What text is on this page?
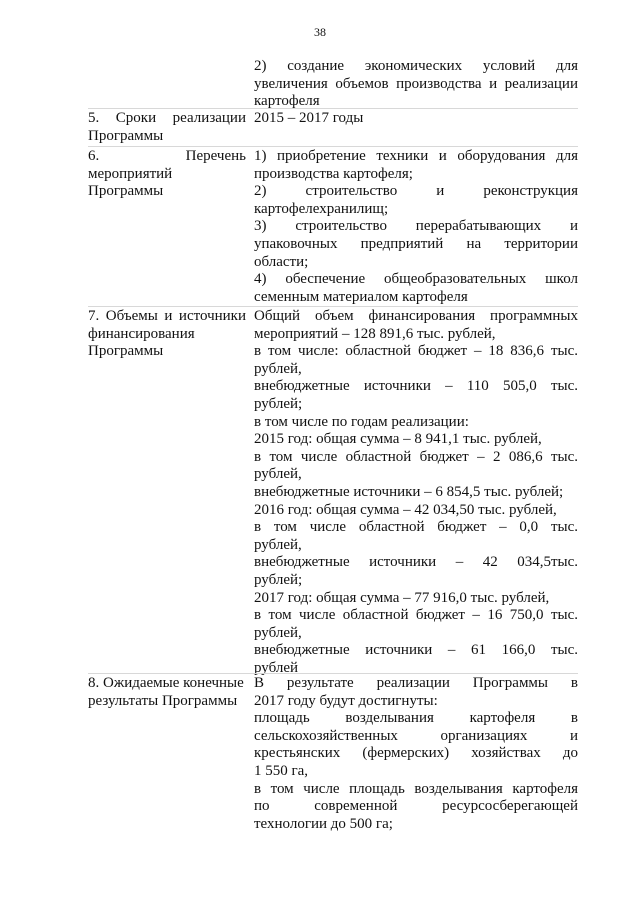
38
2) создание экономических условий для
увеличения объемов производства и реализации
картофеля
5. Сроки реализации
Программы
2015 – 2017 годы
6. Перечень
мероприятий
Программы
1) приобретение техники и оборудования для
производства картофеля;
2) строительство и реконструкция
картофелехранилищ;
3) строительство перерабатывающих и
упаковочных предприятий на территории
области;
4) обеспечение общеобразовательных школ
семенным материалом картофеля
7. Объемы и источники
финансирования
Программы
Общий объем финансирования программных
мероприятий – 128 891,6 тыс. рублей,
в том числе: областной бюджет – 18 836,6 тыс.
рублей,
внебюджетные источники – 110 505,0 тыс.
рублей;
в том числе по годам реализации:
2015 год: общая сумма – 8 941,1 тыс. рублей,
в том числе областной бюджет – 2 086,6 тыс.
рублей,
внебюджетные источники – 6 854,5 тыс. рублей;
2016 год: общая сумма – 42 034,50 тыс. рублей,
в том числе областной бюджет – 0,0 тыс.
рублей,
внебюджетные источники – 42 034,5тыс.
рублей;
2017 год: общая сумма – 77 916,0 тыс. рублей,
в том числе областной бюджет – 16 750,0 тыс.
рублей,
внебюджетные источники – 61 166,0 тыс.
рублей
8. Ожидаемые конечные
результаты Программы
В результате реализации Программы в
2017 году будут достигнуты:
площадь возделывания картофеля в
сельскохозяйственных организациях и
крестьянских (фермерских) хозяйствах до
1 550 га,
в том числе площадь возделывания картофеля
по современной ресурсосберегающей
технологии до 500 га;
